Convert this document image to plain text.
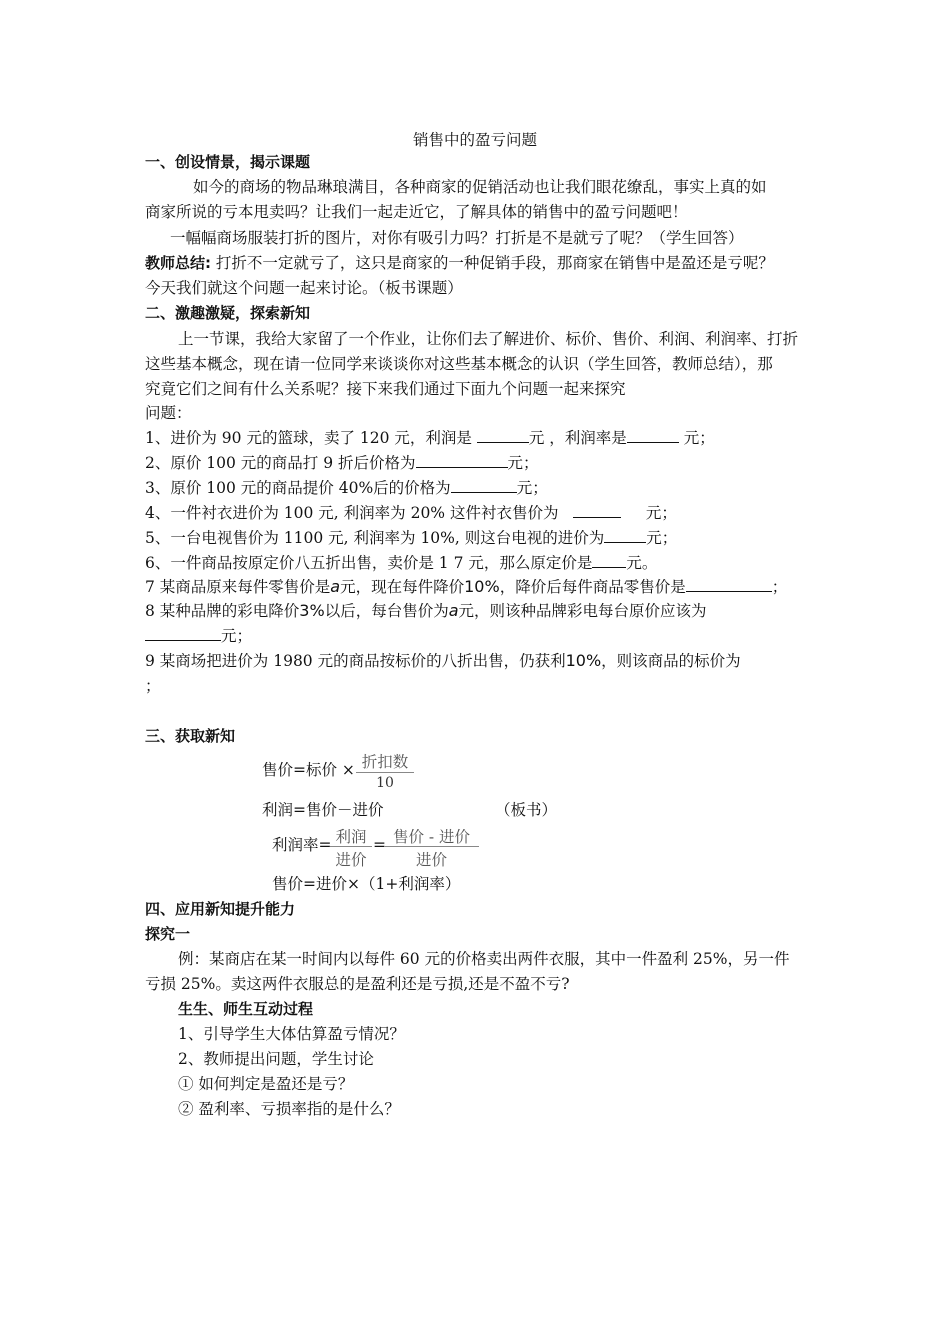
销售中的盈亏问题
一、创设情景，揭示课题
如今的商场的物品琳琅满目，各种商家的促销活动也让我们眼花缭乱，事实上真的如
商家所说的亏本甩卖吗？让我们一起走近它，了解具体的销售中的盈亏问题吧！
一幅幅商场服装打折的图片，对你有吸引力吗？打折是不是就亏了呢？（学生回答）
教师总结: 打折不一定就亏了，这只是商家的一种促销手段，那商家在销售中是盈还是亏呢？
今天我们就这个问题一起来讨论。（板书课题）
二、激趣激疑，探索新知
上一节课，我给大家留了一个作业，让你们去了解进价、标价、售价、利润、利润率、打折
这些基本概念，现在请一位同学来谈谈你对这些基本概念的认识（学生回答，教师总结），那
究竟它们之间有什么关系呢？接下来我们通过下面九个问题一起来探究
问题：
1、进价为 90 元的篮球，卖了 120 元，利润是	元 ，利润率是	元；
2、原价 100 元的商品打 9 折后价格为	元；
3、原价 100 元的商品提价 40%后的价格为	元；
4、一件衬衣进价为 100 元, 利润率为 20% 这件衬衣售价为	元；
5、一台电视售价为 1100 元, 利润率为 10%, 则这台电视的进价为	元；
6、一件商品按原定价八五折出售，卖价是 1 7 元，那么原定价是 元。
7 某商品原来每件零售价是a元，现在每件降价10%，降价后每件商品零售价是	；
8 某种品牌的彩电降价3%以后，每台售价为a元，则该种品牌彩电每台原价应该为
元；
9 某商场把进价为 1980 元的商品按标价的八折出售，仍获利10%，则该商品的标价为
；
三、获取新知
售价=标价 × 折扣数
10
利润=售价－进价	（板书）
利润率= 利润
进价
= 售价 - 进价
进价
售价=进价×（1+利润率）
四、应用新知提升能力
探究一
例：某商店在某一时间内以每件 60 元的价格卖出两件衣服，其中一件盈利 25%，另一件
亏损 25%。卖这两件衣服总的是盈利还是亏损,还是不盈不亏?
生生、师生互动过程
1、引导学生大体估算盈亏情况？
2、教师提出问题，学生讨论
① 如何判定是盈还是亏？
② 盈利率、亏损率指的是什么？
